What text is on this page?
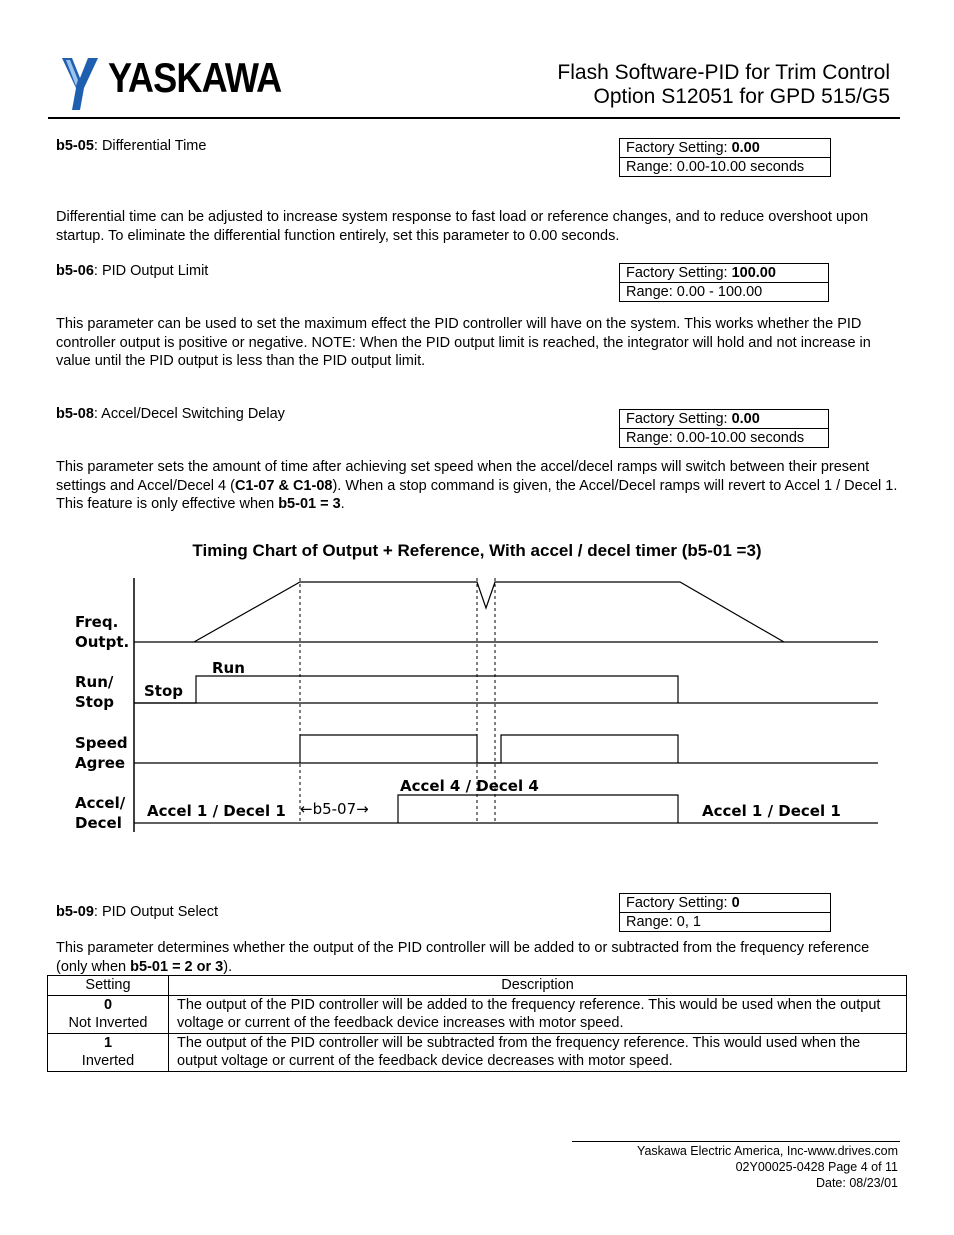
YASKAWA	Flash Software-PID for Trim Control
Option S12051 for GPD 515/G5
b5-05: Differential Time	Factory Setting: 0.00
Range: 0.00-10.00 seconds
Differential time can be adjusted to increase system response to fast load or reference changes, and to reduce overshoot upon startup. To eliminate the differential function entirely, set this parameter to 0.00 seconds.
b5-06: PID Output Limit	Factory Setting: 100.00
Range: 0.00 - 100.00
This parameter can be used to set the maximum effect the PID controller will have on the system. This works whether the PID controller output is positive or negative. NOTE: When the PID output limit is reached, the integrator will hold and not increase in value until the PID output is less than the PID output limit.
b5-08: Accel/Decel Switching Delay	Factory Setting: 0.00
Range: 0.00-10.00 seconds
This parameter sets the amount of time after achieving set speed when the accel/decel ramps will switch between their present settings and Accel/Decel 4 (C1-07 & C1-08). When a stop command is given, the Accel/Decel ramps will revert to Accel 1 / Decel 1. This feature is only effective when b5-01 = 3.
Timing Chart of Output + Reference, With accel / decel timer (b5-01 =3)
Freq.
Outpt.
Run/
Stop
Speed
Agree
Accel/
Decel
Stop
Run
Accel 1 / Decel 1 ←b5-07→
Accel 4 / Decel 4
Accel 1 / Decel 1
Factory Setting: 0
Range: 0, 1
b5-09: PID Output Select
This parameter determines whether the output of the PID controller will be added to or subtracted from the frequency reference (only when b5-01 = 2 or 3).
Setting	Description
0
Not Inverted	The output of the PID controller will be added to the frequency reference. This would be used when the output voltage or current of the feedback device increases with motor speed.
1
Inverted	The output of the PID controller will be subtracted from the frequency reference. This would used when the output voltage or current of the feedback device decreases with motor speed.
Yaskawa Electric America, Inc-www.drives.com
02Y00025-0428 Page 4 of 11
Date: 08/23/01
